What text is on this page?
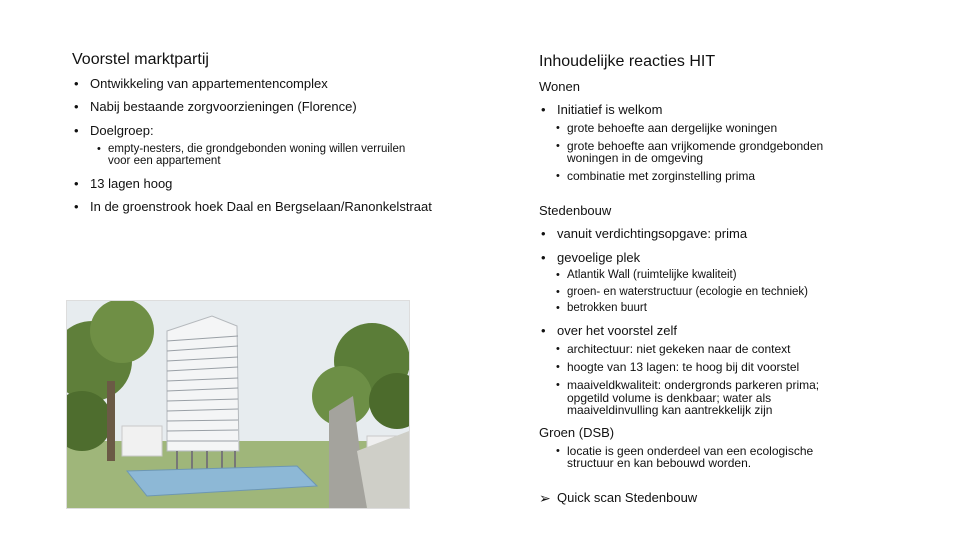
Voorstel marktpartij
• Ontwikkeling van appartementencomplex
• Nabij bestaande zorgvoorzieningen (Florence)
• Doelgroep:
• empty-nesters, die grondgebonden woning willen verruilen
voor een appartement
• 13 lagen hoog
• In de groenstrook hoek Daal en Bergselaan/Ranonkelstraat
Inhoudelijke reacties HIT
Wonen
• Initiatief is welkom
• grote behoefte aan dergelijke woningen
• grote behoefte aan vrijkomende grondgebonden
woningen in de omgeving
• combinatie met zorginstelling prima
Stedenbouw
• vanuit verdichtingsopgave: prima
• gevoelige plek
• Atlantik Wall (ruimtelijke kwaliteit)
• groen- en waterstructuur (ecologie en techniek)
• betrokken buurt
• over het voorstel zelf
• architectuur: niet gekeken naar de context
• hoogte van 13 lagen: te hoog bij dit voorstel
• maaiveldkwaliteit: ondergronds parkeren prima;
opgetild volume is denkbaar; water als
maaiveldinvulling kan aantrekkelijk zijn
Groen (DSB)
• locatie is geen onderdeel van een ecologische
structuur en kan bebouwd worden.
➢ Quick scan Stedenbouw
